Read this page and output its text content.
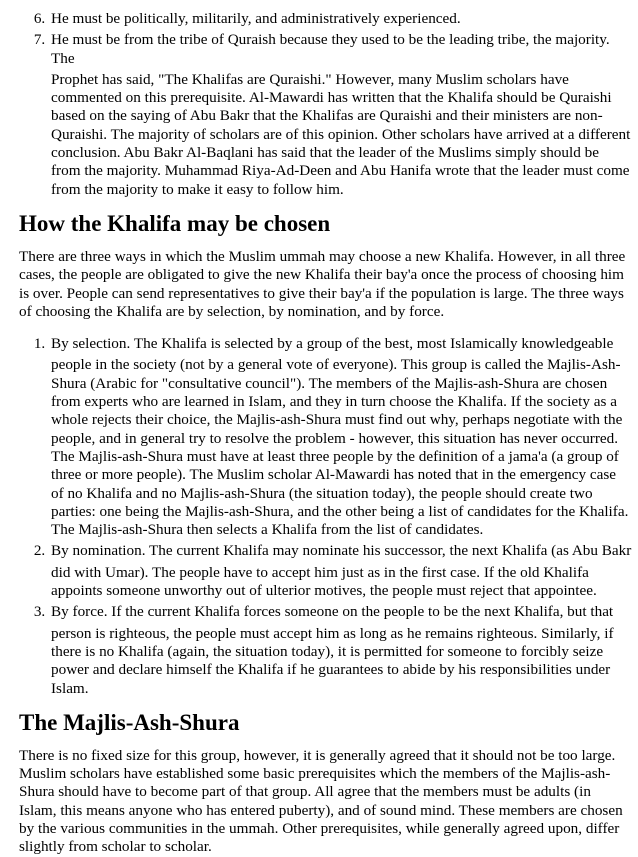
6. He must be politically, militarily, and administratively experienced.
7. He must be from the tribe of Quraish because they used to be the leading tribe, the majority. The
Prophet has said, "The Khalifas are Quraishi." However, many Muslim scholars have commented on this prerequisite. Al-Mawardi has written that the Khalifa should be Quraishi based on the saying of Abu Bakr that the Khalifas are Quraishi and their ministers are non-Quraishi. The majority of scholars are of this opinion. Other scholars have arrived at a different conclusion. Abu Bakr Al-Baqlani has said that the leader of the Muslims simply should be from the majority. Muhammad Riya-Ad-Deen and Abu Hanifa wrote that the leader must come from the majority to make it easy to follow him.
How the Khalifa may be chosen

There are three ways in which the Muslim ummah may choose a new Khalifa. However, in all three cases, the people are obligated to give the new Khalifa their bay'a once the process of choosing him is over. People can send representatives to give their bay'a if the population is large. The three ways of choosing the Khalifa are by selection, by nomination, and by force.

1. By selection. The Khalifa is selected by a group of the best, most Islamically knowledgeable
people in the society (not by a general vote of everyone). This group is called the Majlis-Ash-Shura (Arabic for "consultative council"). The members of the Majlis-ash-Shura are chosen from experts who are learned in Islam, and they in turn choose the Khalifa. If the society as a whole rejects their choice, the Majlis-ash-Shura must find out why, perhaps negotiate with the people, and in general try to resolve the problem - however, this situation has never occurred. The Majlis-ash-Shura must have at least three people by the definition of a jama'a (a group of three or more people). The Muslim scholar Al-Mawardi has noted that in the emergency case of no Khalifa and no Majlis-ash-Shura (the situation today), the people should create two parties: one being the Majlis-ash-Shura, and the other being a list of candidates for the Khalifa. The Majlis-ash-Shura then selects a Khalifa from the list of candidates.
2. By nomination. The current Khalifa may nominate his successor, the next Khalifa (as Abu Bakr
did with Umar). The people have to accept him just as in the first case. If the old Khalifa appoints someone unworthy out of ulterior motives, the people must reject that appointee.
3. By force. If the current Khalifa forces someone on the people to be the next Khalifa, but that
person is righteous, the people must accept him as long as he remains righteous. Similarly, if there is no Khalifa (again, the situation today), it is permitted for someone to forcibly seize power and declare himself the Khalifa if he guarantees to abide by his responsibilities under Islam.
The Majlis-Ash-Shura

There is no fixed size for this group, however, it is generally agreed that it should not be too large. Muslim scholars have established some basic prerequisites which the members of the Majlis-ash-Shura should have to become part of that group. All agree that the members must be adults (in Islam, this means anyone who has entered puberty), and of sound mind. These members are chosen by the various communities in the ummah. Other prerequisites, while generally agreed upon, differ slightly from scholar to scholar.
